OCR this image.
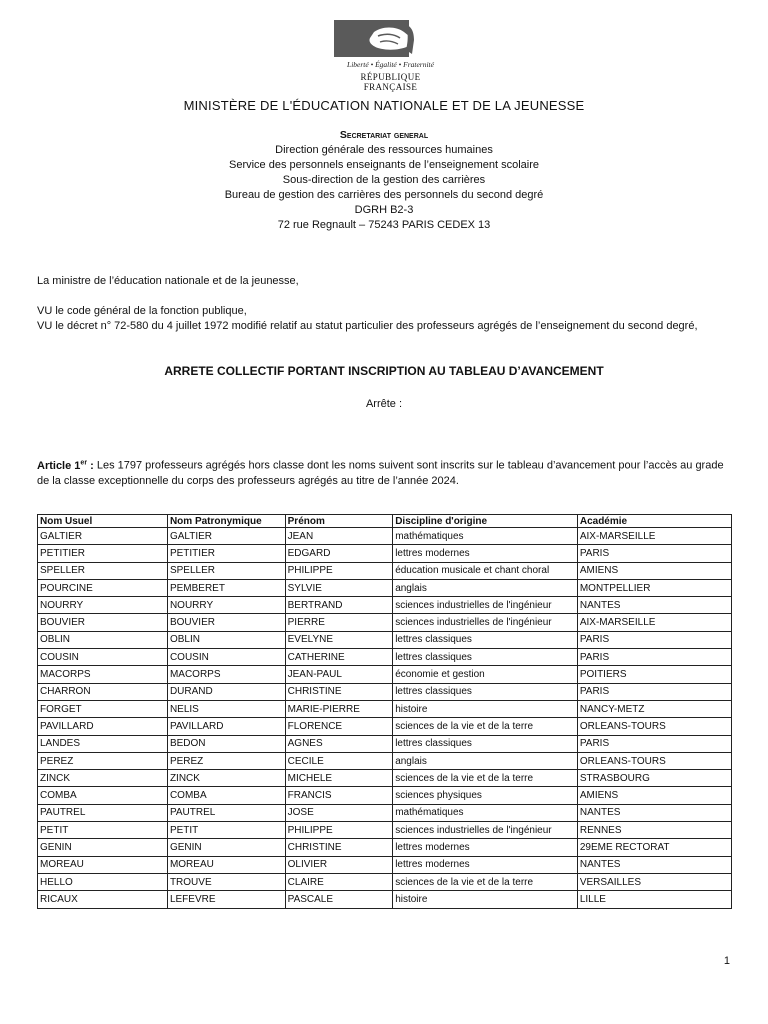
Liberté • Égalité • Fraternité
RÉPUBLIQUE FRANÇAISE
MINISTÈRE DE L'ÉDUCATION NATIONALE ET DE LA JEUNESSE
Secretariat general
Direction générale des ressources humaines
Service des personnels enseignants de l’enseignement scolaire
Sous-direction de la gestion des carrières
Bureau de gestion des carrières des personnels du second degré
DGRH B2-3
72 rue Regnault – 75243 PARIS CEDEX 13
La ministre de l’éducation nationale et de la jeunesse,
VU le code général de la fonction publique,
VU le décret n° 72-580 du 4 juillet 1972 modifié relatif au statut particulier des professeurs agrégés de l’enseignement du second degré,
ARRETE COLLECTIF PORTANT INSCRIPTION AU TABLEAU D’AVANCEMENT
Arrête :
Article 1er : Les 1797 professeurs agrégés hors classe dont les noms suivent sont inscrits sur le tableau d’avancement pour l’accès au grade de la classe exceptionnelle du corps des professeurs agrégés au titre de l’année 2024.
Nom Usuel	Nom Patronymique	Prénom	Discipline d'origine	Académie
GALTIER	GALTIER	JEAN	mathématiques	AIX-MARSEILLE
PETITIER	PETITIER	EDGARD	lettres modernes	PARIS
SPELLER	SPELLER	PHILIPPE	éducation musicale et chant choral	AMIENS
POURCINE	PEMBERET	SYLVIE	anglais	MONTPELLIER
NOURRY	NOURRY	BERTRAND	sciences industrielles de l'ingénieur	NANTES
BOUVIER	BOUVIER	PIERRE	sciences industrielles de l'ingénieur	AIX-MARSEILLE
OBLIN	OBLIN	EVELYNE	lettres classiques	PARIS
COUSIN	COUSIN	CATHERINE	lettres classiques	PARIS
MACORPS	MACORPS	JEAN-PAUL	économie et gestion	POITIERS
CHARRON	DURAND	CHRISTINE	lettres classiques	PARIS
FORGET	NELIS	MARIE-PIERRE	histoire	NANCY-METZ
PAVILLARD	PAVILLARD	FLORENCE	sciences de la vie et de la terre	ORLEANS-TOURS
LANDES	BEDON	AGNES	lettres classiques	PARIS
PEREZ	PEREZ	CECILE	anglais	ORLEANS-TOURS
ZINCK	ZINCK	MICHELE	sciences de la vie et de la terre	STRASBOURG
COMBA	COMBA	FRANCIS	sciences physiques	AMIENS
PAUTREL	PAUTREL	JOSE	mathématiques	NANTES
PETIT	PETIT	PHILIPPE	sciences industrielles de l'ingénieur	RENNES
GENIN	GENIN	CHRISTINE	lettres modernes	29EME RECTORAT
MOREAU	MOREAU	OLIVIER	lettres modernes	NANTES
HELLO	TROUVE	CLAIRE	sciences de la vie et de la terre	VERSAILLES
RICAUX	LEFEVRE	PASCALE	histoire	LILLE
1
